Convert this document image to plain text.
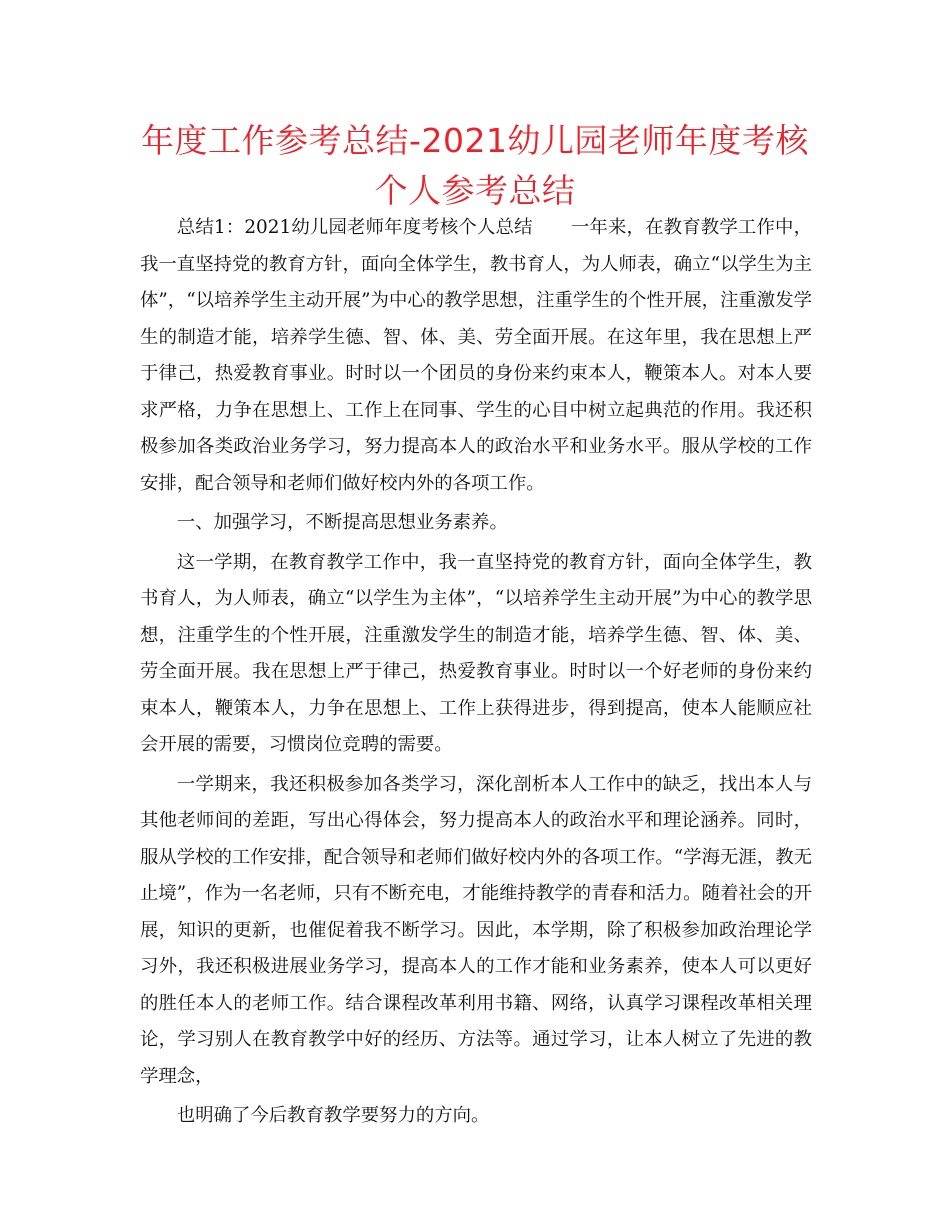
年度工作参考总结-2021幼儿园老师年度考核个人参考总结

总结1：2021幼儿园老师年度考核个人总结 一年来，在教育教学工作中，我一直坚持党的教育方针，面向全体学生，教书育人，为人师表，确立“以学生为主体”，“以培养学生主动开展”为中心的教学思想，注重学生的个性开展，注重激发学生的制造才能，培养学生德、智、体、美、劳全面开展。在这年里，我在思想上严于律己，热爱教育事业。时时以一个团员的身份来约束本人，鞭策本人。对本人要求严格，力争在思想上、工作上在同事、学生的心目中树立起典范的作用。我还积极参加各类政治业务学习，努力提高本人的政治水平和业务水平。服从学校的工作安排，配合领导和老师们做好校内外的各项工作。

一、加强学习，不断提高思想业务素养。

这一学期，在教育教学工作中，我一直坚持党的教育方针，面向全体学生，教书育人，为人师表，确立“以学生为主体”，“以培养学生主动开展”为中心的教学思想，注重学生的个性开展，注重激发学生的制造才能，培养学生德、智、体、美、劳全面开展。我在思想上严于律己，热爱教育事业。时时以一个好老师的身份来约束本人，鞭策本人，力争在思想上、工作上获得进步，得到提高，使本人能顺应社会开展的需要，习惯岗位竞聘的需要。

一学期来，我还积极参加各类学习，深化剖析本人工作中的缺乏，找出本人与其他老师间的差距，写出心得体会，努力提高本人的政治水平和理论涵养。同时，服从学校的工作安排，配合领导和老师们做好校内外的各项工作。“学海无涯，教无止境”，作为一名老师，只有不断充电，才能维持教学的青春和活力。随着社会的开展，知识的更新，也催促着我不断学习。因此，本学期，除了积极参加政治理论学习外，我还积极进展业务学习，提高本人的工作才能和业务素养，使本人可以更好的胜任本人的老师工作。结合课程改革利用书籍、网络，认真学习课程改革相关理论，学习别人在教育教学中好的经历、方法等。通过学习，让本人树立了先进的教学理念，

也明确了今后教育教学要努力的方向。
